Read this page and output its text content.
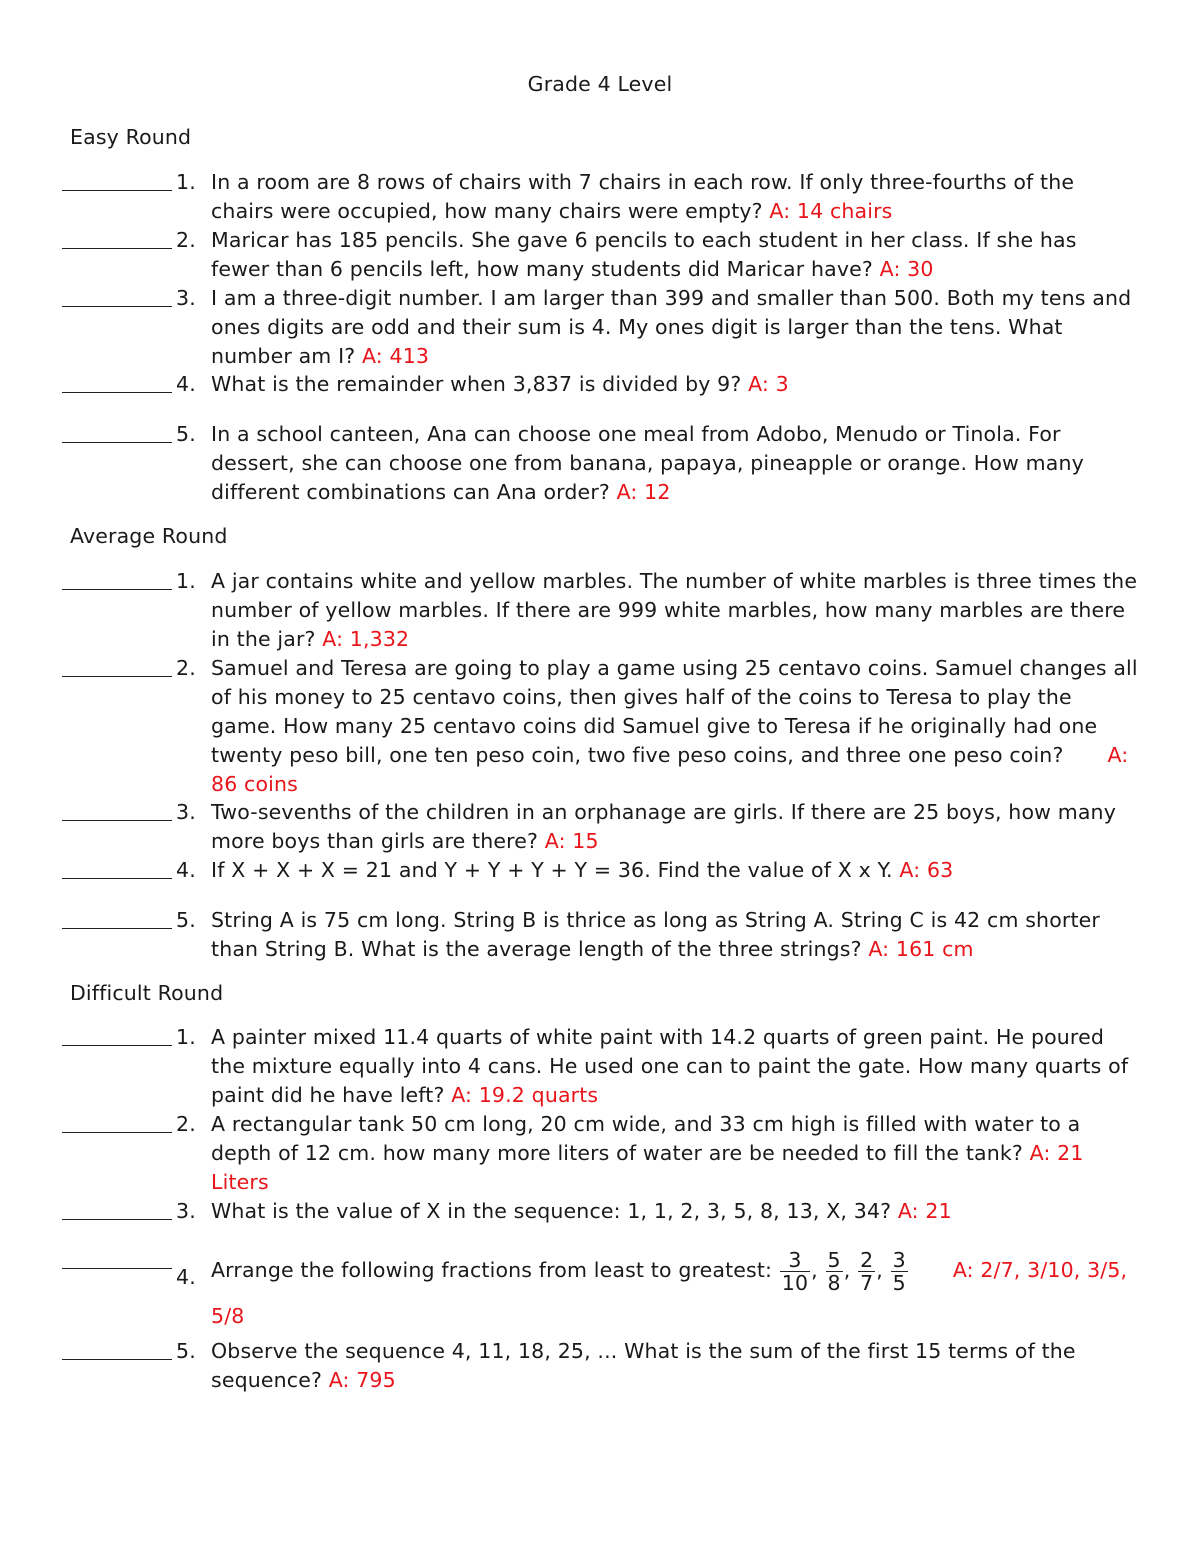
Grade 4 Level
Easy Round
1. In a room are 8 rows of chairs with 7 chairs in each row. If only three-fourths of the chairs were occupied, how many chairs were empty? A: 14 chairs
2. Maricar has 185 pencils. She gave 6 pencils to each student in her class. If she has fewer than 6 pencils left, how many students did Maricar have? A: 30
3. I am a three-digit number. I am larger than 399 and smaller than 500. Both my tens and ones digits are odd and their sum is 4. My ones digit is larger than the tens. What number am I? A: 413
4. What is the remainder when 3,837 is divided by 9? A: 3
5. In a school canteen, Ana can choose one meal from Adobo, Menudo or Tinola. For dessert, she can choose one from banana, papaya, pineapple or orange. How many different combinations can Ana order? A: 12
Average Round
1. A jar contains white and yellow marbles. The number of white marbles is three times the number of yellow marbles. If there are 999 white marbles, how many marbles are there in the jar? A: 1,332
2. Samuel and Teresa are going to play a game using 25 centavo coins. Samuel changes all of his money to 25 centavo coins, then gives half of the coins to Teresa to play the game. How many 25 centavo coins did Samuel give to Teresa if he originally had one twenty peso bill, one ten peso coin, two five peso coins, and three one peso coin? A: 86 coins
3. Two-sevenths of the children in an orphanage are girls. If there are 25 boys, how many more boys than girls are there? A: 15
4. If X + X + X = 21 and Y + Y + Y + Y = 36. Find the value of X x Y. A: 63
5. String A is 75 cm long. String B is thrice as long as String A. String C is 42 cm shorter than String B. What is the average length of the three strings? A: 161 cm
Difficult Round
1. A painter mixed 11.4 quarts of white paint with 14.2 quarts of green paint. He poured the mixture equally into 4 cans. He used one can to paint the gate. How many quarts of paint did he have left? A: 19.2 quarts
2. A rectangular tank 50 cm long, 20 cm wide, and 33 cm high is filled with water to a depth of 12 cm. how many more liters of water are be needed to fill the tank? A: 21 Liters
3. What is the value of X in the sequence: 1, 1, 2, 3, 5, 8, 13, X, 34? A: 21
4. Arrange the following fractions from least to greatest: $\frac{3}{10}$ , $\frac{5}{8}$ , $\frac{2}{7}$ , $\frac{3}{5} A$: 2/7, 3/10, 3/5, 5/8
5. Observe the sequence 4, 11, 18, 25, ... What is the sum of the first 15 terms of the sequence? A: 795
